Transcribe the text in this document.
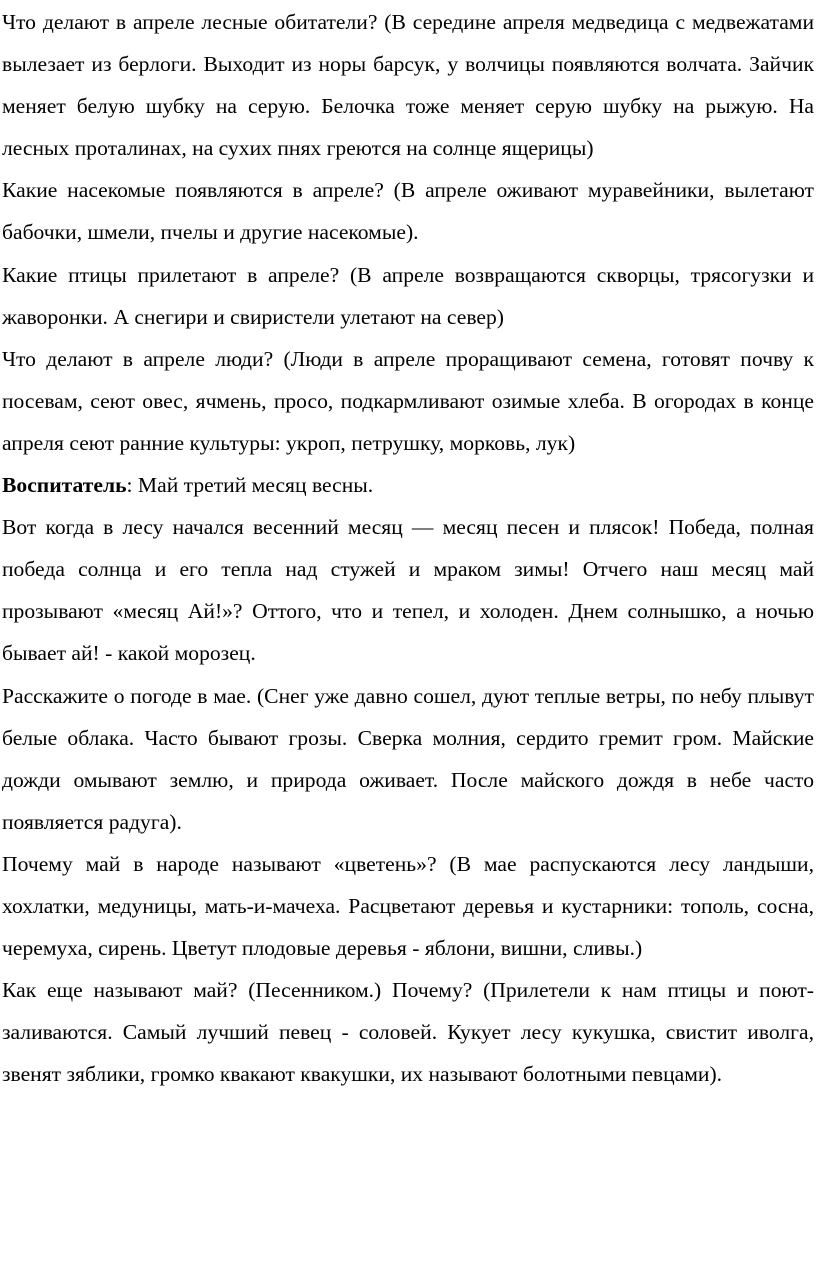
Что делают в апреле лесные обитатели? (В середине апреля медведица с медвежатами вылезает из берлоги. Выходит из норы барсук, у волчицы появляются волчата. Зайчик меняет белую шубку на серую. Белочка тоже меняет серую шубку на рыжую. На лесных проталинах, на сухих пнях греются на солнце ящерицы)

Какие насекомые появляются в апреле? (В апреле оживают муравейники, вылетают бабочки, шмели, пчелы и другие насекомые).

Какие птицы прилетают в апреле? (В апреле возвращаются скворцы, трясогузки и жаворонки. А снегири и свиристели улетают на север)

Что делают в апреле люди? (Люди в апреле проращивают семена, готовят почву к посевам, сеют овес, ячмень, просо, подкармливают озимые хлеба. В огородах в конце апреля сеют ранние культуры: укроп, петрушку, морковь, лук)

Воспитатель: Май третий месяц весны.

Вот когда в лесу начался весенний месяц — месяц песен и плясок! Победа, полная победа солнца и его тепла над стужей и мраком зимы! Отчего наш месяц май прозывают «месяц Ай!»? Оттого, что и тепел, и холоден. Днем солнышко, а ночью бывает ай! - какой морозец.

Расскажите о погоде в мае. (Снег уже давно сошел, дуют теплые ветры, по небу плывут белые облака. Часто бывают грозы. Сверка молния, сердито гремит гром. Майские дожди омывают землю, и природа оживает. После майского дождя в небе часто появляется радуга).

Почему май в народе называют «цветень»? (В мае распускаются лесу ландыши, хохлатки, медуницы, мать-и-мачеха. Расцветают деревья и кустарники: тополь, сосна, черемуха, сирень. Цветут плодовые деревья - яблони, вишни, сливы.)

Как еще называют май? (Песенником.) Почему? (Прилетели к нам птицы и поют-заливаются. Самый лучший певец - соловей. Кукует лесу кукушка, свистит иволга, звенят зяблики, громко квакают квакушки, их называют болотными певцами).
